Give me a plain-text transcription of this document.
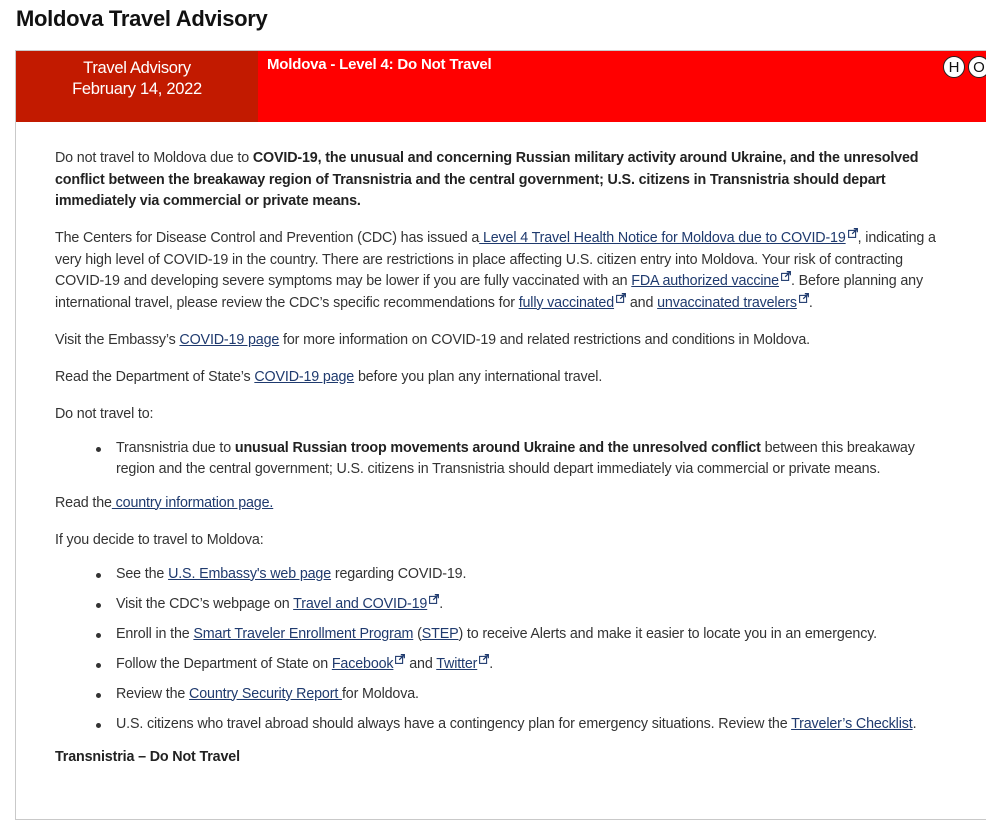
Moldova Travel Advisory
Travel Advisory
February 14, 2022
Moldova - Level 4: Do Not Travel	H O

Do not travel to Moldova due to COVID-19, the unusual and concerning Russian military activity around Ukraine, and the unresolved conflict between the breakaway region of Transnistria and the central government; U.S. citizens in Transnistria should depart immediately via commercial or private means.

The Centers for Disease Control and Prevention (CDC) has issued a Level 4 Travel Health Notice for Moldova due to COVID-19 , indicating a very high level of COVID-19 in the country. There are restrictions in place affecting U.S. citizen entry into Moldova. Your risk of contracting COVID-19 and developing severe symptoms may be lower if you are fully vaccinated with an FDA authorized vaccine . Before planning any international travel, please review the CDC’s specific recommendations for fully vaccinated and unvaccinated travelers .

Visit the Embassy’s COVID-19 page for more information on COVID-19 and related restrictions and conditions in Moldova.

Read the Department of State’s COVID-19 page before you plan any international travel.

Do not travel to:

Transnistria due to unusual Russian troop movements around Ukraine and the unresolved conflict between this breakaway region and the central government; U.S. citizens in Transnistria should depart immediately via commercial or private means.

Read the country information page.

If you decide to travel to Moldova:

See the U.S. Embassy's web page regarding COVID-19.
Visit the CDC’s webpage on Travel and COVID-19 .
Enroll in the Smart Traveler Enrollment Program (STEP) to receive Alerts and make it easier to locate you in an emergency.
Follow the Department of State on Facebook and Twitter .
Review the Country Security Report for Moldova.
U.S. citizens who travel abroad should always have a contingency plan for emergency situations. Review the Traveler’s Checklist.

Transnistria – Do Not Travel
